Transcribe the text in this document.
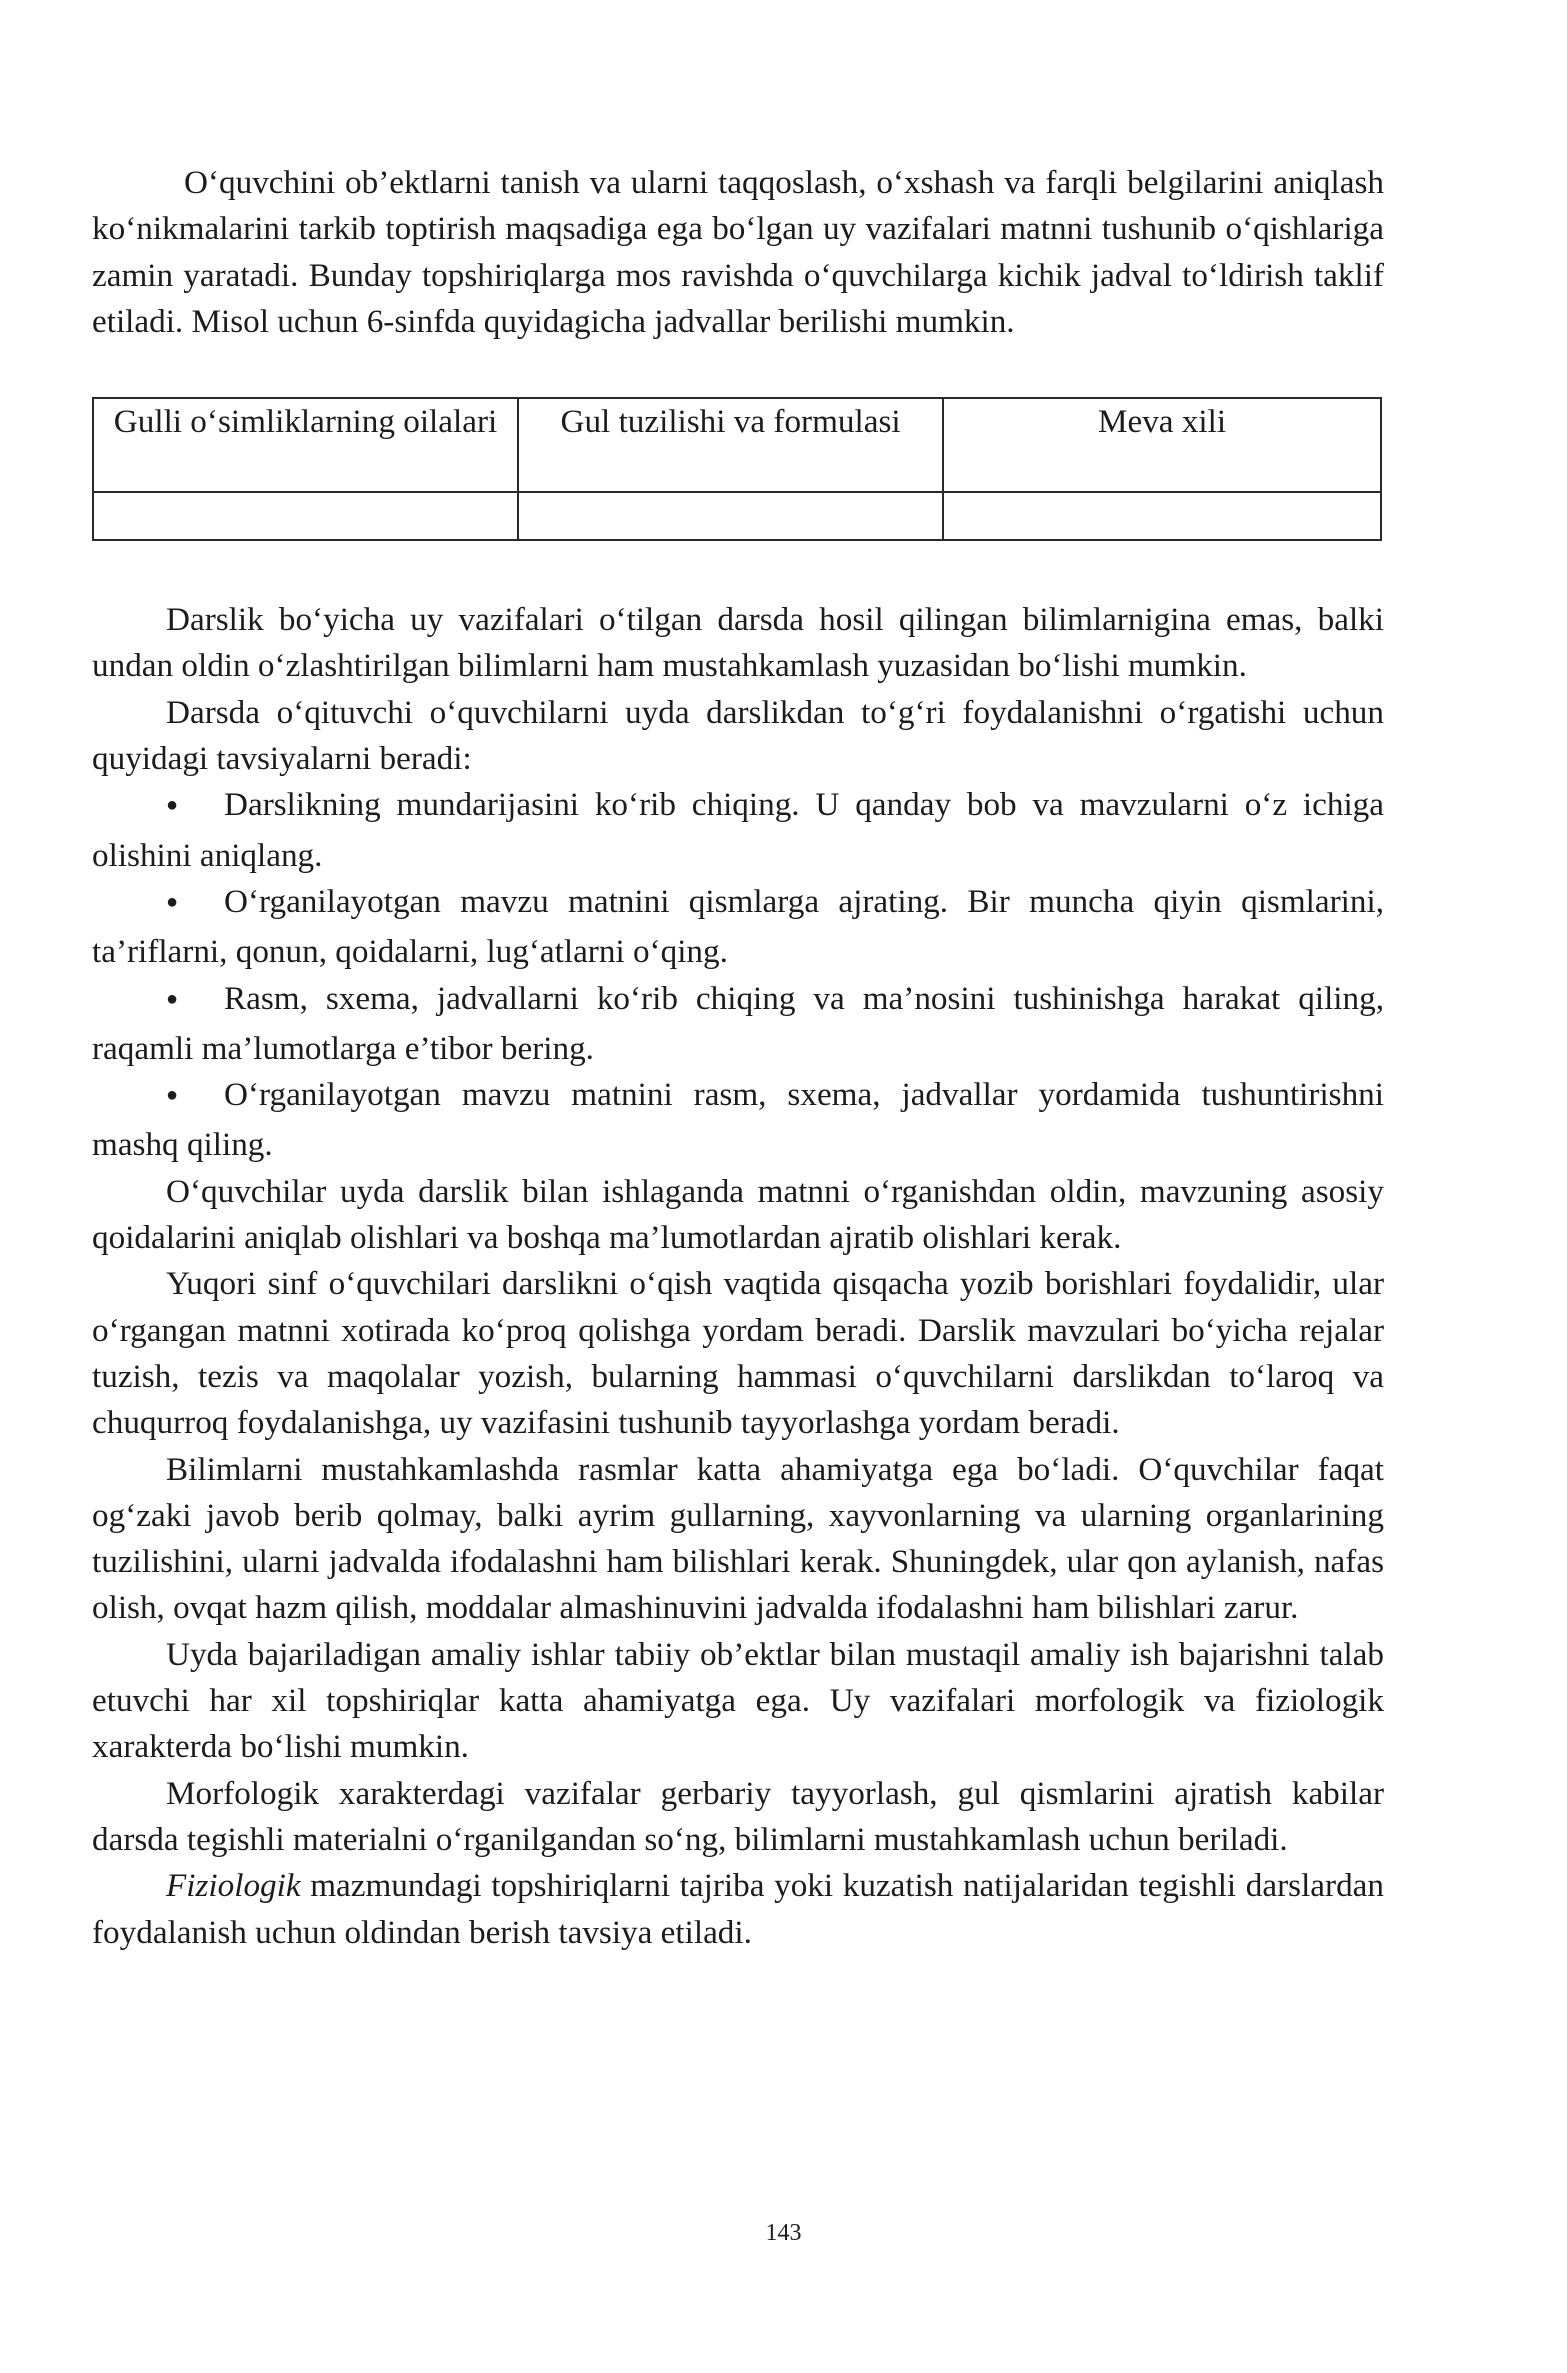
O‘quvchini ob’ektlarni tanish va ularni taqqoslash, o‘xshash va farqli belgilarini aniqlash ko‘nikmalarini tarkib toptirish maqsadiga ega bo‘lgan uy vazifalari matnni tushunib o‘qishlariga zamin yaratadi. Bunday topshiriqlarga mos ravishda o‘quvchilarga kichik jadval to‘ldirish taklif etiladi. Misol uchun 6-sinfda quyidagicha jadvallar berilishi mumkin.

Gulli o‘simliklarning oilalari	Gul tuzilishi va formulasi	Meva xili

Darslik bo‘yicha uy vazifalari o‘tilgan darsda hosil qilingan bilimlarnigina emas, balki undan oldin o‘zlashtirilgan bilimlarni ham mustahkamlash yuzasidan bo‘lishi mumkin.

Darsda o‘qituvchi o‘quvchilarni uyda darslikdan to‘g‘ri foydalanishni o‘rgatishi uchun quyidagi tavsiyalarni beradi:

●Darslikning mundarijasini ko‘rib chiqing. U qanday bob va mavzularni o‘z ichiga olishini aniqlang.

●O‘rganilayotgan mavzu matnini qismlarga ajrating. Bir muncha qiyin qismlarini, ta’riflarni, qonun, qoidalarni, lug‘atlarni o‘qing.

●Rasm, sxema, jadvallarni ko‘rib chiqing va ma’nosini tushinishga harakat qiling, raqamli ma’lumotlarga e’tibor bering.

●O‘rganilayotgan mavzu matnini rasm, sxema, jadvallar yordamida tushuntirishni mashq qiling.

O‘quvchilar uyda darslik bilan ishlaganda matnni o‘rganishdan oldin, mavzuning asosiy qoidalarini aniqlab olishlari va boshqa ma’lumotlardan ajratib olishlari kerak.

Yuqori sinf o‘quvchilari darslikni o‘qish vaqtida qisqacha yozib borishlari foydalidir, ular o‘rgangan matnni xotirada ko‘proq qolishga yordam beradi. Darslik mavzulari bo‘yicha rejalar tuzish, tezis va maqolalar yozish, bularning hammasi o‘quvchilarni darslikdan to‘laroq va chuqurroq foydalanishga, uy vazifasini tushunib tayyorlashga yordam beradi.

Bilimlarni mustahkamlashda rasmlar katta ahamiyatga ega bo‘ladi. O‘quvchilar faqat og‘zaki javob berib qolmay, balki ayrim gullarning, xayvonlarning va ularning organlarining tuzilishini, ularni jadvalda ifodalashni ham bilishlari kerak. Shuningdek, ular qon aylanish, nafas olish, ovqat hazm qilish, moddalar almashinuvini jadvalda ifodalashni ham bilishlari zarur.

Uyda bajariladigan amaliy ishlar tabiiy ob’ektlar bilan mustaqil amaliy ish bajarishni talab etuvchi har xil topshiriqlar katta ahamiyatga ega. Uy vazifalari morfologik va fiziologik xarakterda bo‘lishi mumkin.

Morfologik xarakterdagi vazifalar gerbariy tayyorlash, gul qismlarini ajratish kabilar darsda tegishli materialni o‘rganilgandan so‘ng, bilimlarni mustahkamlash uchun beriladi.

Fiziologik mazmundagi topshiriqlarni tajriba yoki kuzatish natijalaridan tegishli darslardan foydalanish uchun oldindan berish tavsiya etiladi.

143
